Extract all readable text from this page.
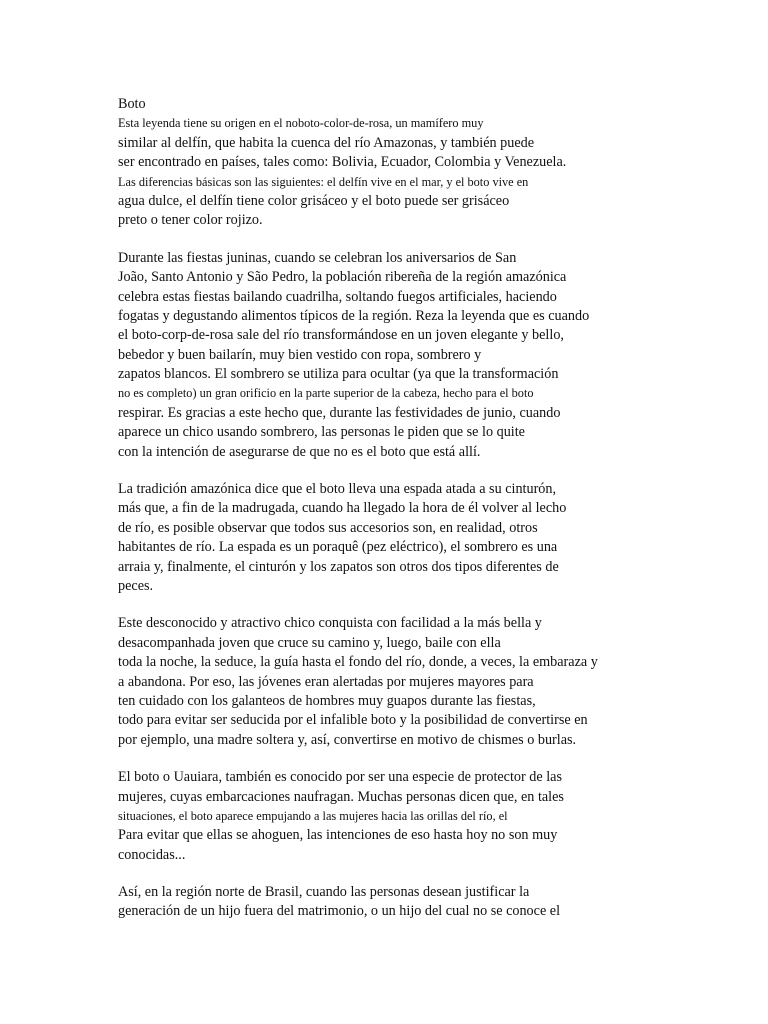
Boto
Esta leyenda tiene su origen en el noboto-color-de-rosa, un mamífero muy
similar al delfín, que habita la cuenca del río Amazonas, y también puede
ser encontrado en países, tales como: Bolivia, Ecuador, Colombia y Venezuela.
Las diferencias básicas son las siguientes: el delfín vive en el mar, y el boto vive en
agua dulce, el delfín tiene color grisáceo y el boto puede ser grisáceo
preto o tener color rojizo.
Durante las fiestas juninas, cuando se celebran los aniversarios de San
João, Santo Antonio y São Pedro, la población ribereña de la región amazónica
celebra estas fiestas bailando cuadrilha, soltando fuegos artificiales, haciendo
fogatas y degustando alimentos típicos de la región. Reza la leyenda que es cuando
el boto-corp-de-rosa sale del río transformándose en un joven elegante y bello,
bebedor y buen bailarín, muy bien vestido con ropa, sombrero y
zapatos blancos. El sombrero se utiliza para ocultar (ya que la transformación
no es completo) un gran orificio en la parte superior de la cabeza, hecho para el boto
respirar. Es gracias a este hecho que, durante las festividades de junio, cuando
aparece un chico usando sombrero, las personas le piden que se lo quite
con la intención de asegurarse de que no es el boto que está allí.
La tradición amazónica dice que el boto lleva una espada atada a su cinturón,
más que, a fin de la madrugada, cuando ha llegado la hora de él volver al lecho
de río, es posible observar que todos sus accesorios son, en realidad, otros
habitantes de río. La espada es un poraquê (pez eléctrico), el sombrero es una
arraia y, finalmente, el cinturón y los zapatos son otros dos tipos diferentes de
peces.
Este desconocido y atractivo chico conquista con facilidad a la más bella y
desacompanhada joven que cruce su camino y, luego, baile con ella
toda la noche, la seduce, la guía hasta el fondo del río, donde, a veces, la embaraza y
a abandona. Por eso, las jóvenes eran alertadas por mujeres mayores para
ten cuidado con los galanteos de hombres muy guapos durante las fiestas,
todo para evitar ser seducida por el infalible boto y la posibilidad de convertirse en
por ejemplo, una madre soltera y, así, convertirse en motivo de chismes o burlas.
El boto o Uauiara, también es conocido por ser una especie de protector de las
mujeres, cuyas embarcaciones naufragan. Muchas personas dicen que, en tales
situaciones, el boto aparece empujando a las mujeres hacia las orillas del río, el
Para evitar que ellas se ahoguen, las intenciones de eso hasta hoy no son muy
conocidas...
Así, en la región norte de Brasil, cuando las personas desean justificar la
generación de un hijo fuera del matrimonio, o un hijo del cual no se conoce el
